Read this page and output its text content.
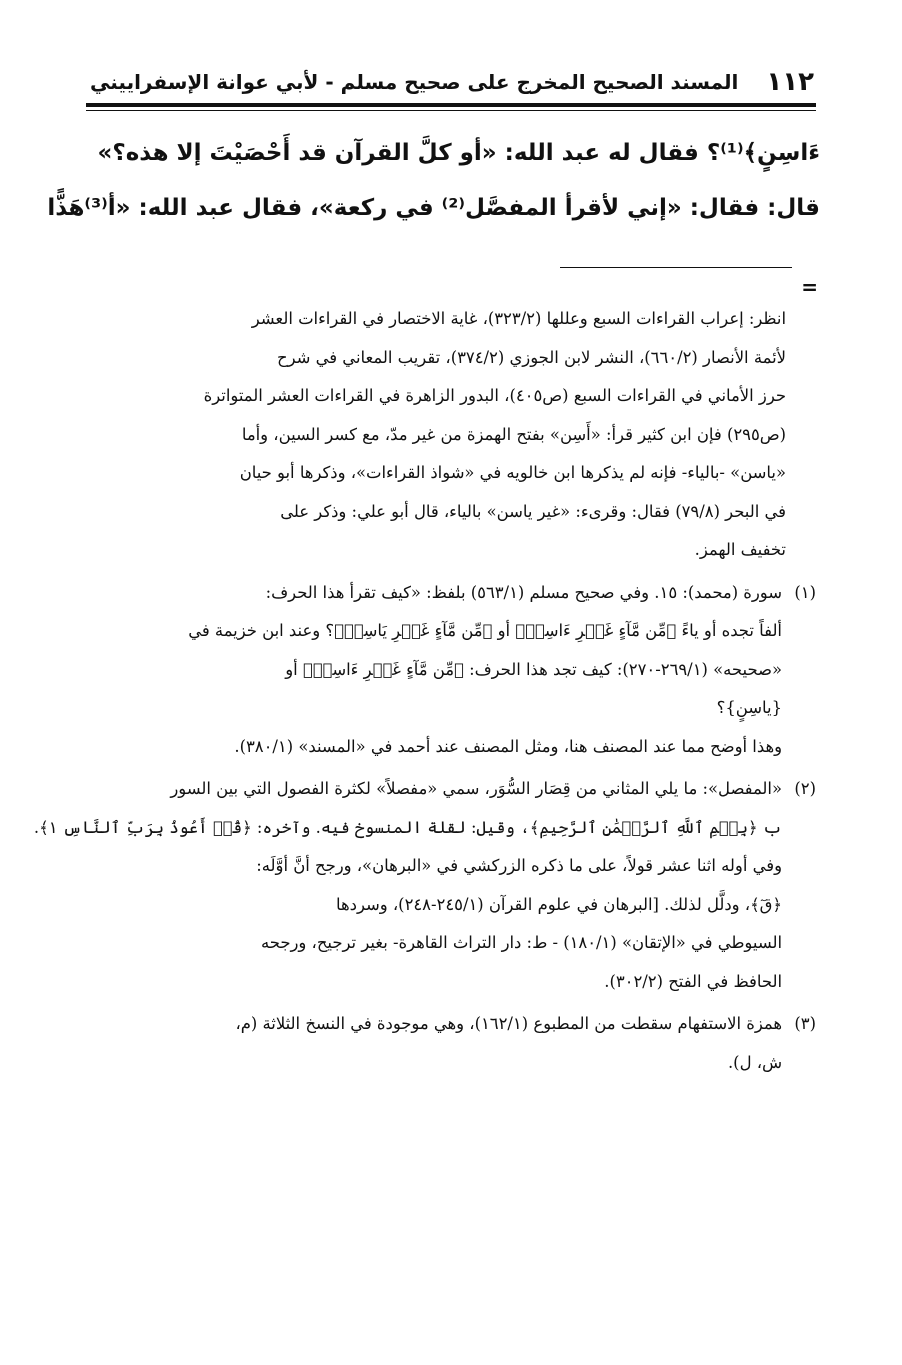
١١٢
المسند الصحيح المخرج على صحيح مسلم - لأبي عوانة الإسفراييني

ءَاسِنٍ﴾⁽¹⁾؟ فقال له عبد الله: «أو كلَّ القرآن قد أَحْصَيْتَ إلا هذه؟»

قال: فقال: «إني لأقرأ المفصَّل⁽²⁾ في ركعة»، فقال عبد الله: «أ⁽³⁾هَذًّا

=
انظر: إعراب القراءات السبع وعللها (٣٢٣/٢)، غاية الاختصار في القراءات العشر
لأئمة الأنصار (٦٦٠/٢)، النشر لابن الجوزي (٣٧٤/٢)، تقريب المعاني في شرح
حرز الأماني في القراءات السبع (ص٤٠٥)، البدور الزاهرة في القراءات العشر المتواترة
(ص٢٩٥) فإن ابن كثير قرأ: «أَسِن» بفتح الهمزة من غير مدّ، مع كسر السين، وأما
«ياسن» -بالياء- فإنه لم يذكرها ابن خالويه في «شواذ القراءات»، وذكرها أبو حيان
في البحر (٧٩/٨) فقال: وقرىء: «غير ياسن» بالياء، قال أبو علي: وذكر على
تخفيف الهمز.
(١)
سورة (محمد): ١٥. وفي صحيح مسلم (٥٦٣/١) بلفظ: «كيف تقرأ هذا الحرف:
ألفاً تجده أو ياءً ﴿مِّن مَّآءٍ غَيۡرِ ءَاسِنٖ﴾ أو ﴿مِّن مَّآءٍ غَيۡرِ يَاسِنٖ﴾؟ وعند ابن خزيمة في
«صحيحه» (٢٦٩/١-٢٧٠): كيف تجد هذا الحرف: ﴿مِّن مَّآءٍ غَيۡرِ ءَاسِنٖ﴾ أو
{ياسِنٍ}؟
وهذا أوضح مما عند المصنف هنا، ومثل المصنف عند أحمد في «المسند» (٣٨٠/١).
(٢)
«المفصل»: ما يلي المثاني من قِصَار السُّوَر، سمي «مفصلاً» لكثرة الفصول التي بين السور
ب ﴿بِسۡمِ ٱللَّهِ ٱلرَّحۡمَٰنِ ٱلرَّحِيمِ﴾، وقيل: لقلة المنسوخ فيه. وآخره: ﴿قُلۡ أَعُوذُ بِرَبِّ ٱلنَّاسِ ١﴾.
وفي أوله اثنا عشر قولاً، على ما ذكره الزركشي في «البرهان»، ورجح أنَّ أوَّلَه:
﴿قٓ﴾، ودلَّل لذلك. [البرهان في علوم القرآن (٢٤٥/١-٢٤٨)، وسردها
السيوطي في «الإتقان» (١٨٠/١) - ط: دار التراث القاهرة- بغير ترجيح، ورجحه
الحافظ في الفتح (٣٠٢/٢).
(٣)
همزة الاستفهام سقطت من المطبوع (١٦٢/١)، وهي موجودة في النسخ الثلاثة (م،
ش، ل).
